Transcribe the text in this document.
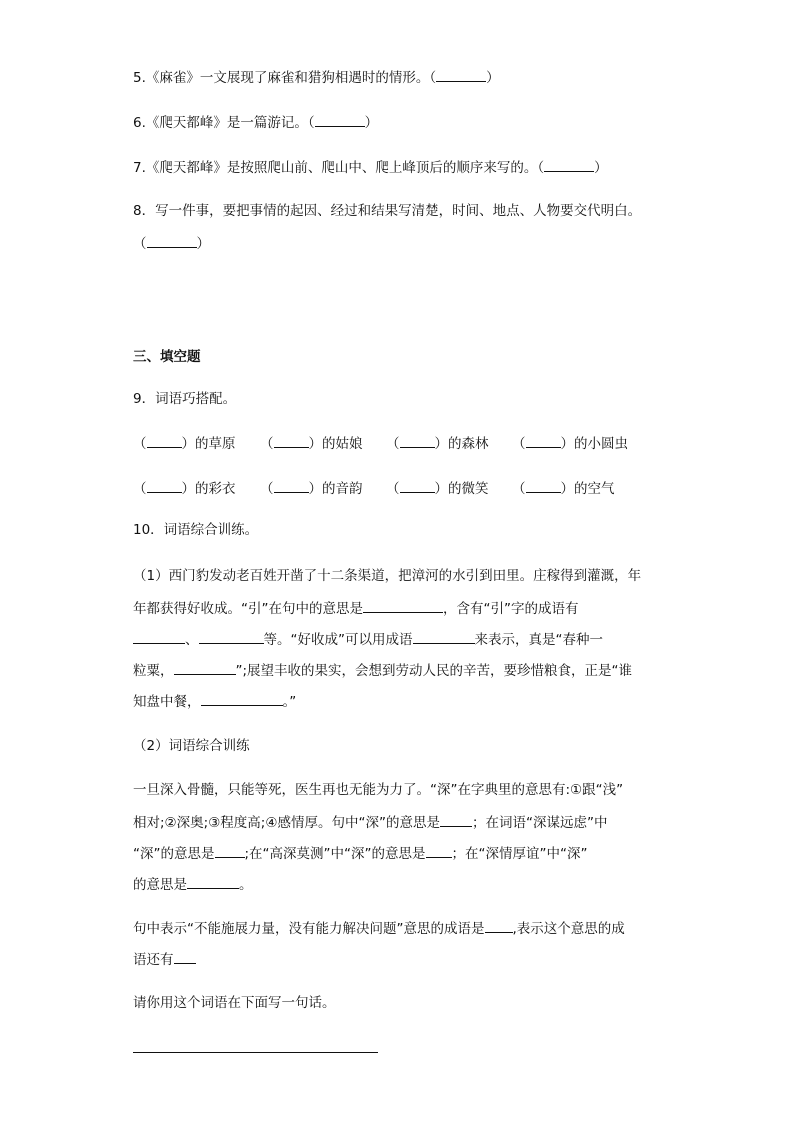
5.《麻雀》一文展现了麻雀和猎狗相遇时的情形。（	）
6.《爬天都峰》是一篇游记。（	）
7.《爬天都峰》是按照爬山前、爬山中、爬上峰顶后的顺序来写的。（	）
8．写一件事，要把事情的起因、经过和结果写清楚，时间、地点、人物要交代明白。
（	）
三、填空题
9．词语巧搭配。
（	）的草原 （	）的姑娘 （	）的森林 （	）的小圆虫
（	）的彩衣 （	）的音韵 （	）的微笑 （	）的空气
10．词语综合训练。
（1）西门豹发动老百姓开凿了十二条渠道，把漳河的水引到田里。庄稼得到灌溉，年
年都获得好收成。“引”在句中的意思是	，含有“引”字的成语有
、	等。“好收成”可以用成语	来表示，真是“春种一
粒粟，	”;展望丰收的果实，会想到劳动人民的辛苦，要珍惜粮食，正是“谁
知盘中餐，	。”
（2）词语综合训练
一旦深入骨髓，只能等死，医生再也无能为力了。“深”在字典里的意思有:①跟“浅”
相对;②深奥;③程度高;④感情厚。句中“深”的意思是 ；在词语“深谋远虑”中
“深”的意思是 ;在“高深莫测”中“深”的意思是 ；在“深情厚谊”中“深”
的意思是	。
句中表示“不能施展力量，没有能力解决问题”意思的成语是 ,表示这个意思的成
语还有
请你用这个词语在下面写一句话。
